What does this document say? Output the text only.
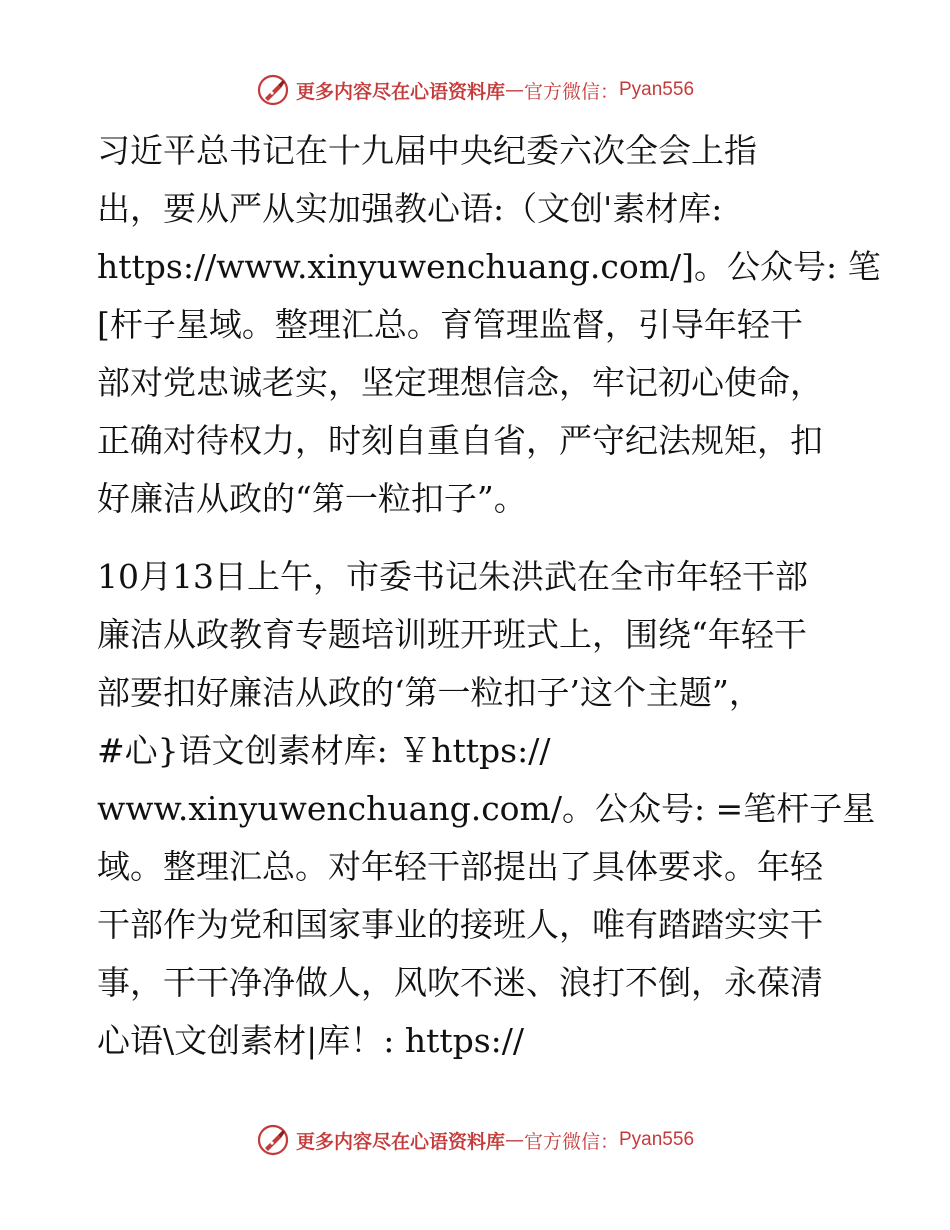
更多内容尽在心语资料库 — 官方微信： Pyan556
习近平总书记在十九届中央纪委六次全会上指
出，要从严从实加强教心语:（文创'素材库:
https://www.xinyuwenchuang.com/]。公众号: 笔
[杆子星域。整理汇总。育管理监督，引导年轻干
部对党忠诚老实，坚定理想信念，牢记初心使命，
正确对待权力，时刻自重自省，严守纪法规矩，扣
好廉洁从政的“第一粒扣子”。
10月13日上午，市委书记朱洪武在全市年轻干部
廉洁从政教育专题培训班开班式上，围绕“年轻干
部要扣好廉洁从政的‘第一粒扣子’这个主题”，
#心}语文创素材库: ￥https://
www.xinyuwenchuang.com/。公众号: =笔杆子星
域。整理汇总。对年轻干部提出了具体要求。年轻
干部作为党和国家事业的接班人，唯有踏踏实实干
事，干干净净做人，风吹不迷、浪打不倒，永葆清
心语\文创素材|库！: https://
更多内容尽在心语资料库 — 官方微信： Pyan556
